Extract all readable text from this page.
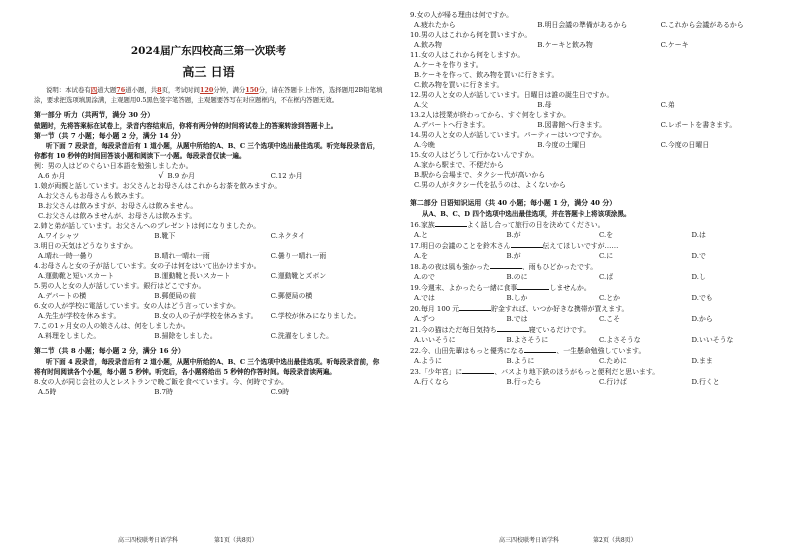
2024届广东四校高三第一次联考
高三 日语
说明：本试卷有四道大题76道小题，共8页，考试时间120分钟，满分150分，请在答题卡上作答，选择题用2B铅笔填涂，要求把选项填黑涂满，主观题用0.5黑色签字笔答题，主观题要答写在对应题框内，不在框内答题无效。
第一部分 听力（共两节，满分 30 分）
做题时，先将答案标在试卷上，录音内容结束后，你将有两分钟的时间将试卷上的答案转涂到答题卡上。
第一节（共 7 小题；每小题 2 分，满分 14 分）
听下面 7 段录音，每段录音后有 1 道小题，从题中所给的A、B、C 三个选项中选出最佳选项。听完每段录音后，你都有 10 秒钟的时间回答该小题和阅读下一小题。每段录音仅读一遍。
例：男の人はどのぐらい日本語を勉強しましたか。
A.6 か月	√ B.9 か月	C.12 か月
1.娘が両親と話しています。お父さんとお母さんはこれからお茶を飲みますか。
A.お父さんもお母さんも飲みます。
B.お父さんは飲みますが、お母さんは飲みません。
C.お父さんは飲みませんが、お母さんは飲みます。
2.姉と弟が話しています。お父さんへのプレゼントは何になりましたか。
A.ワイシャツ	B.靴下	C.ネクタイ
3.明日の天気はどうなりますか。
A.晴れ一時一曇り	B.晴れ一晴れ一雨	C.曇り一晴れ一雨
4.お母さんと女の子が話しています。女の子は何をはいて出かけますか。
A.運動靴と短いスカート	B.運動靴と長いスカート	C.運動靴とズボン
5.男の人と女の人が話しています。銀行はどこですか。
A.デパートの横	B.郵便局の前	C.郵便局の横
6.女の人が学校に電話しています。女の人はどう言っていますか。
A.先生が学校を休みます。	B.女の人の子が学校を休みます。	C.学校が休みになりました。
7.この1ヶ月女の人の娘さんは、何をしましたか。
A.料理をしました。	B.掃除をしました。	C.洗濯をしました。
第二节（共 8 小题；每小题 2 分，满分 16 分）
听下面 4 段录音，每段录音后有 2 道小题，从题中所给的A、B、C 三个选项中选出最佳选项。听每段录音前，你将有时间阅读各个小题，每小题 5 秒钟。听完后，各小题将给出 5 秒钟的作答时间。每段录音读两遍。
8.女の人が同じ会社の人とレストランで晩ご飯を食べています。今、何時ですか。
A.5時	B.7時	C.9時
高三四校联考日语学科	第1页（共8页）
9.女の人が帰る理由は何ですか。
A.疲れたから	B.明日会議の準備があるから	C.これから会議があるから
10.男の人はこれから何を買いますか。
A.飲み物	B.ケーキと飲み物	C.ケーキ
11.女の人はこれから何をしますか。
A.ケーキを作ります。
B.ケーキを作って、飲み物を買いに行きます。
C.飲み物を買いに行きます。
12.男の人と女の人が話しています。日曜日は誰の誕生日ですか。
A.父	B.母	C.弟
13.2人は授業が終わってから、すぐ何をしますか。
A.デパートへ行きます。	B.図書館へ行きます。	C.レポートを書きます。
14.男の人と女の人が話しています。パーティーはいつですか。
A.今晩	B.今度の土曜日	C.今度の日曜日
15.女の人はどうして行かないんですか。
A.家から駅まで、不便だから
B.駅から会場まで、タクシー代が高いから
C.男の人がタクシー代を払うのは、よくないから
第二部分 日语知识运用（共 40 小题；每小题 1 分，满分 40 分）
从A、B、C、D 四个选项中选出最佳选项，并在答题卡上将该项涂黑。
16.家族	よく話し合って旅行の日を決めてください。
A.と	B.が	C.を	D.は
17.明日の会議のことを鈴木さん	伝えてほしいですが……
A.を	B.が	C.に	D.で
18.あの夜は風も強かった	、雨もひどかったです。
A.ので	B.のに	C.ば	D.し
19.今週末、よかったら一緒に食事	しませんか。
A.では	B.しか	C.とか	D.でも
20.毎月 100 元	貯金すれば、いつか好きな携帯が買えます。
A.ずつ	B.では	C.こそ	D.から
21.今の猫はただ毎日気持ち	寝ているだけです。
A.いいそうに	B.よさそうに	C.よさそうな	D.いいそうな
22.今、山田先輩はもっと優秀になる	、一生懸命勉強しています。
A.ように	B.ように	C.ために	D.まま
23.「少年宮」に	、バスより地下鉄のほうがもっと便利だと思います。
A.行くなら	B.行ったら	C.行けば	D.行くと
高三四校联考日语学科	第2页（共8页）
